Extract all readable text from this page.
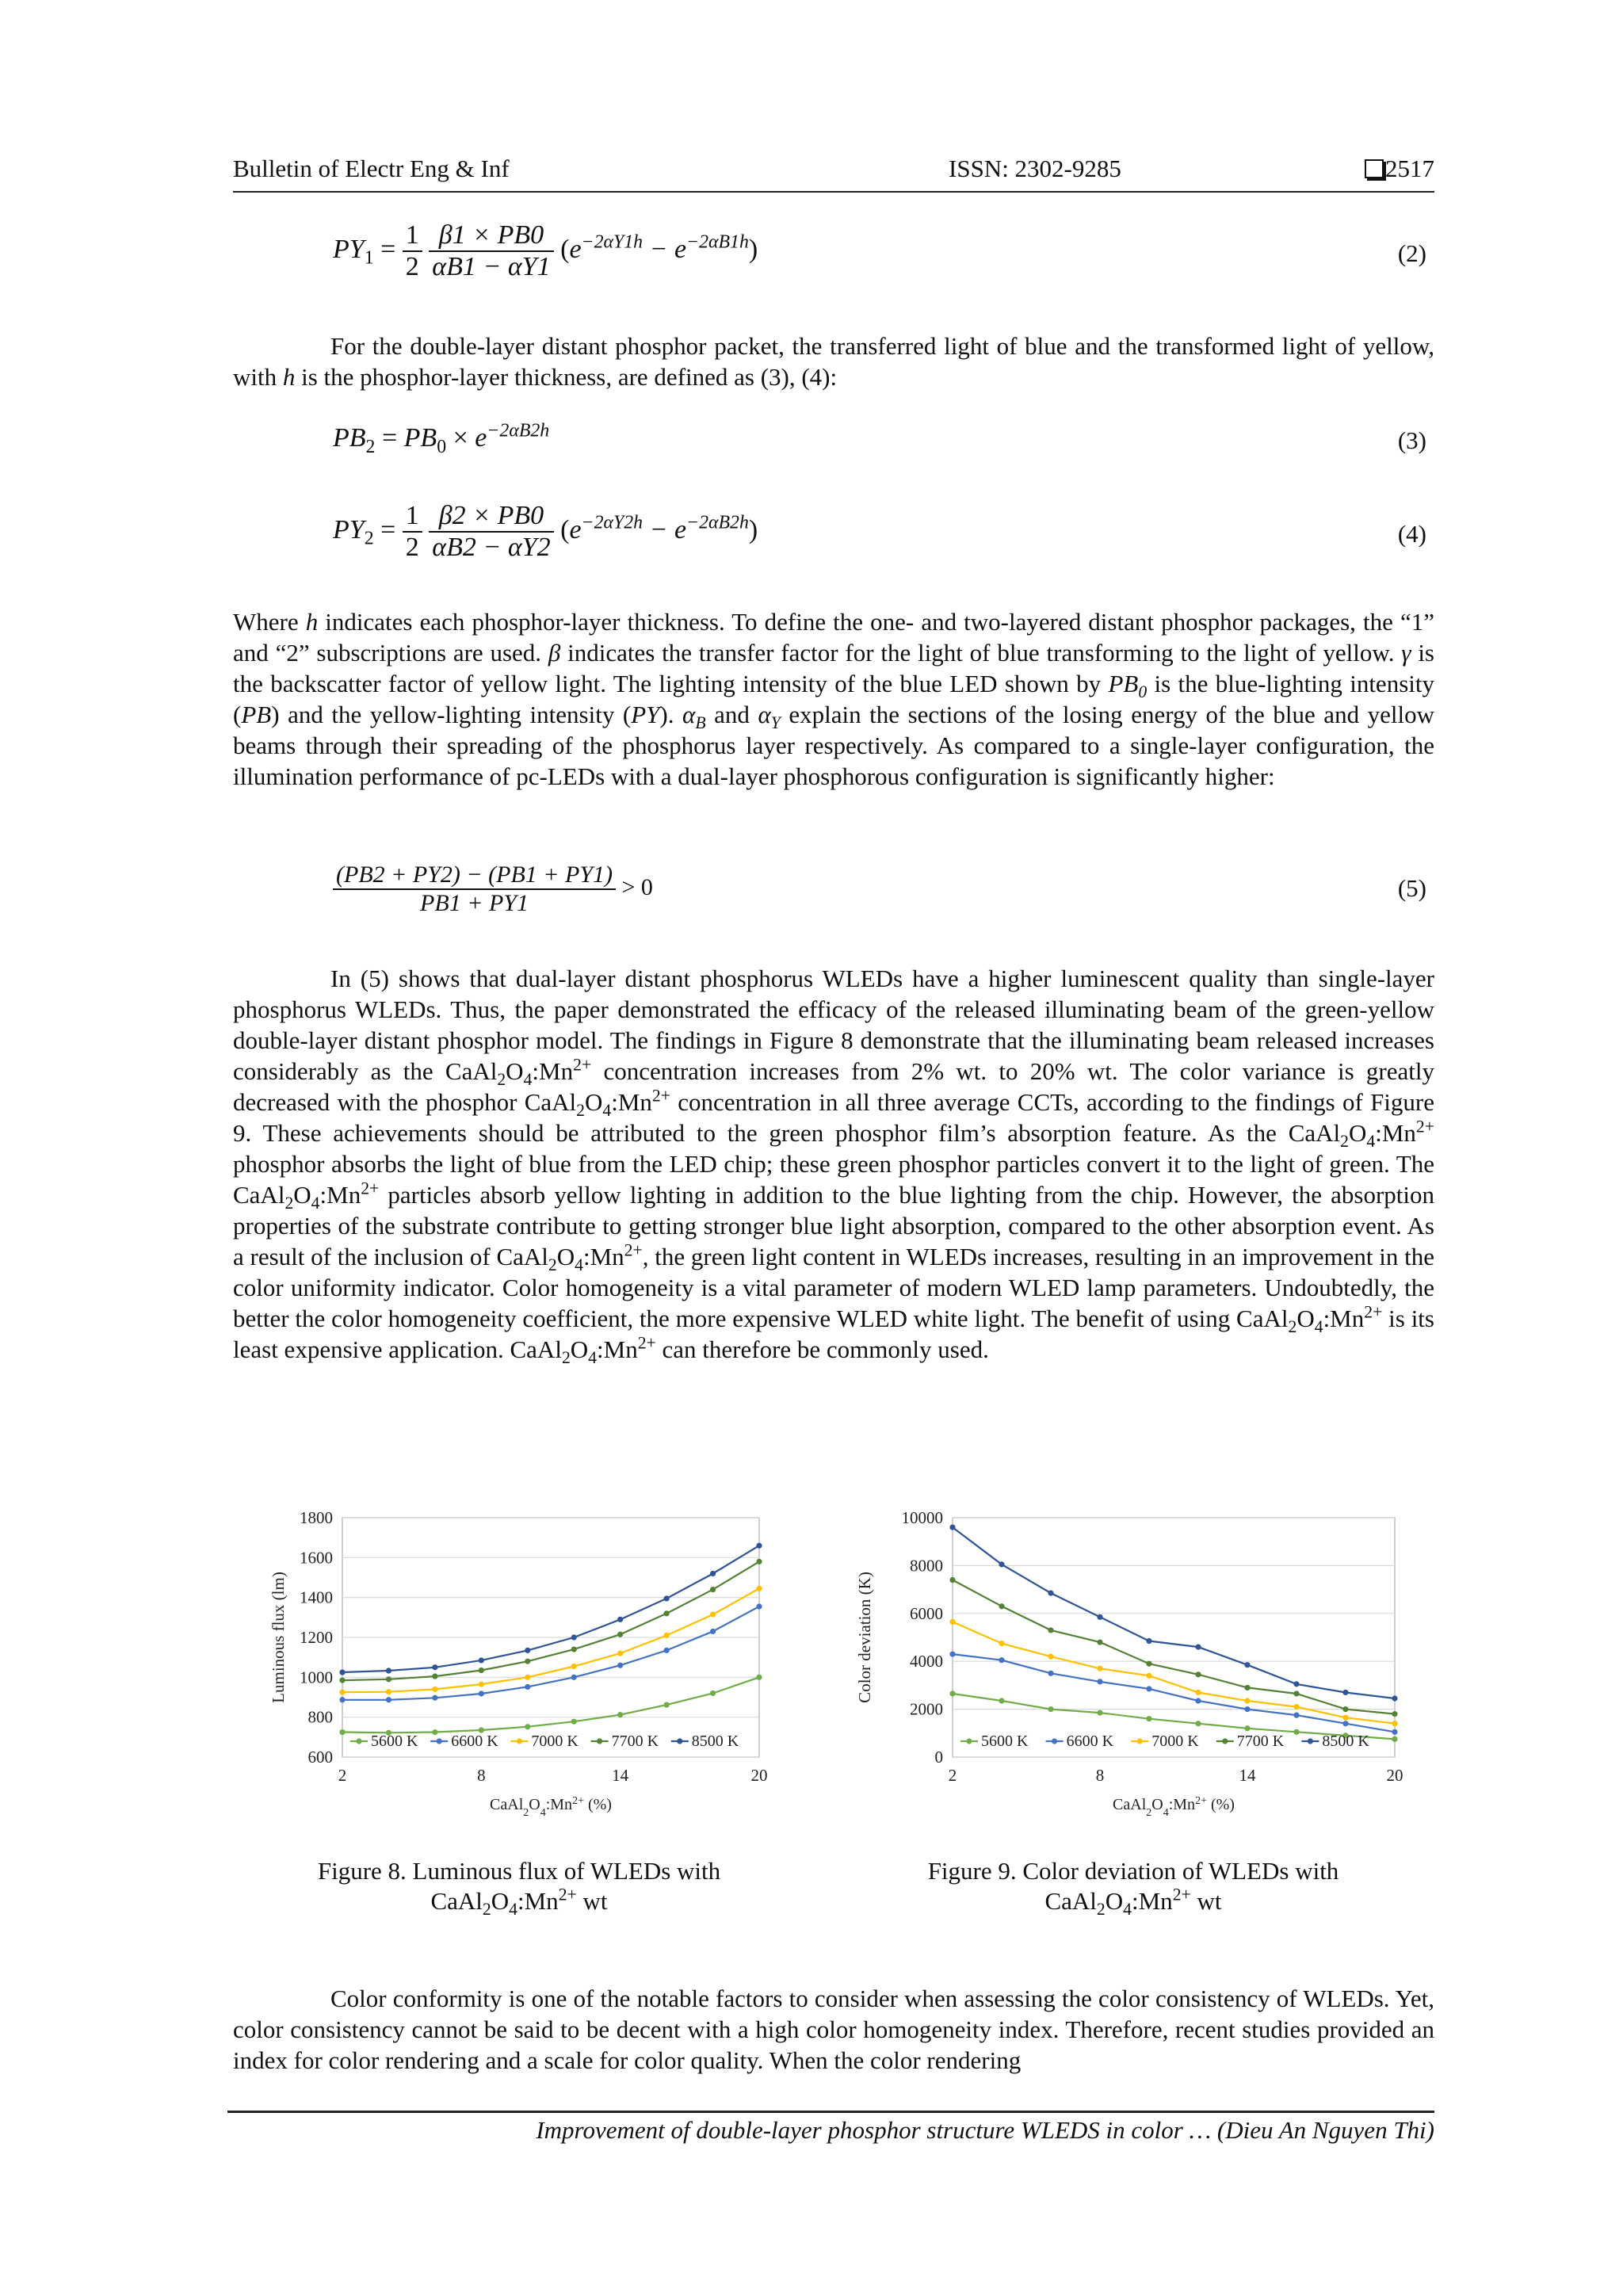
Bulletin of Electr Eng & Inf	ISSN: 2302-9285	2517
$PY_1 = \frac{1}{2}$
$\frac{\beta 1 \times PB0}{\alpha B1 - \alpha Y1} (e^{-2\alpha Y1h} - e^{-2\alpha B1h})$	(2)
For the double-layer distant phosphor packet, the transferred light of blue and the transformed light of yellow, with h is the phosphor-layer thickness, are defined as (3), (4):
$PB_2 = PB_0 \times e^{-2\alpha B2h}$	(3)
$PY_2 = \frac{1}{2}$
$\frac{\beta 2 \times PB0}{\alpha B2 - \alpha Y2} (e^{-2\alpha Y2h} - e^{-2\alpha B2h})$	(4)
Where h indicates each phosphor-layer thickness. To define the one- and two-layered distant phosphor packages, the “1” and “2” subscriptions are used. β indicates the transfer factor for the light of blue transforming to the light of yellow. γ is the backscatter factor of yellow light. The lighting intensity of the blue LED shown by $PB_0$ is the blue-lighting intensity (PB) and the yellow-lighting intensity (PY). $\alpha_B$ and $\alpha_Y$ explain the sections of the losing energy of the blue and yellow beams through their spreading of the phosphorus layer respectively. As compared to a single-layer configuration, the illumination performance of pc-LEDs with a dual-layer phosphorous configuration is significantly higher:
$\frac{(PB2 + PY2) - (PB1 + PY1)}{PB1 + PY1} > 0$	(5)
In (5) shows that dual-layer distant phosphorus WLEDs have a higher luminescent quality than single-layer phosphorus WLEDs. Thus, the paper demonstrated the efficacy of the released illuminating beam of the green-yellow double-layer distant phosphor model. The findings in Figure 8 demonstrate that the illuminating beam released increases considerably as the $CaAl_2O_4:Mn^{2+}$ concentration increases from 2% wt. to 20% wt. The color variance is greatly decreased with the phosphor $CaAl_2O_4:Mn^{2+}$ concentration in all three average CCTs, according to the findings of Figure 9. These achievements should be attributed to the green phosphor film’s absorption feature. As the $CaAl_2O_4:Mn^{2+}$ phosphor absorbs the light of blue from the LED chip; these green phosphor particles convert it to the light of green. The $CaAl_2O_4:Mn^{2+}$ particles absorb yellow lighting in addition to the blue lighting from the chip. However, the absorption properties of the substrate contribute to getting stronger blue light absorption, compared to the other absorption event. As a result of the inclusion of $CaAl_2O_4:Mn^{2+}$, the green light content in WLEDs increases, resulting in an improvement in the color uniformity indicator. Color homogeneity is a vital parameter of modern WLED lamp parameters. Undoubtedly, the better the color homogeneity coefficient, the more expensive WLED white light. The benefit of using $CaAl_2O_4:Mn^{2+}$ is its least expensive application. $CaAl_2O_4:Mn^{2+}$ can therefore be commonly used.
600
800
1000
1200
1400
1600
1800
2	8	14	20
$CaAl_2O_4:Mn^{2+}$ (%)
Luminous flux (lm)
5600 K 6600 K 7000 K 7700 K 8500 K
0
2000
4000
6000
8000
10000
2	8	14	20
$CaAl_2O_4:Mn^{2+}$ (%)
Color deviation (K)
5600 K 6600 K 7000 K 7700 K 8500 K
Figure 8. Luminous flux of WLEDs with
$CaAl_2O_4:Mn^{2+}$ wt
Figure 9. Color deviation of WLEDs with
$CaAl_2O_4:Mn^{2+}$ wt
Color conformity is one of the notable factors to consider when assessing the color consistency of WLEDs. Yet, color consistency cannot be said to be decent with a high color homogeneity index. Therefore, recent studies provided an index for color rendering and a scale for color quality. When the color rendering
Improvement of double-layer phosphor structure WLEDS in color … (Dieu An Nguyen Thi)
